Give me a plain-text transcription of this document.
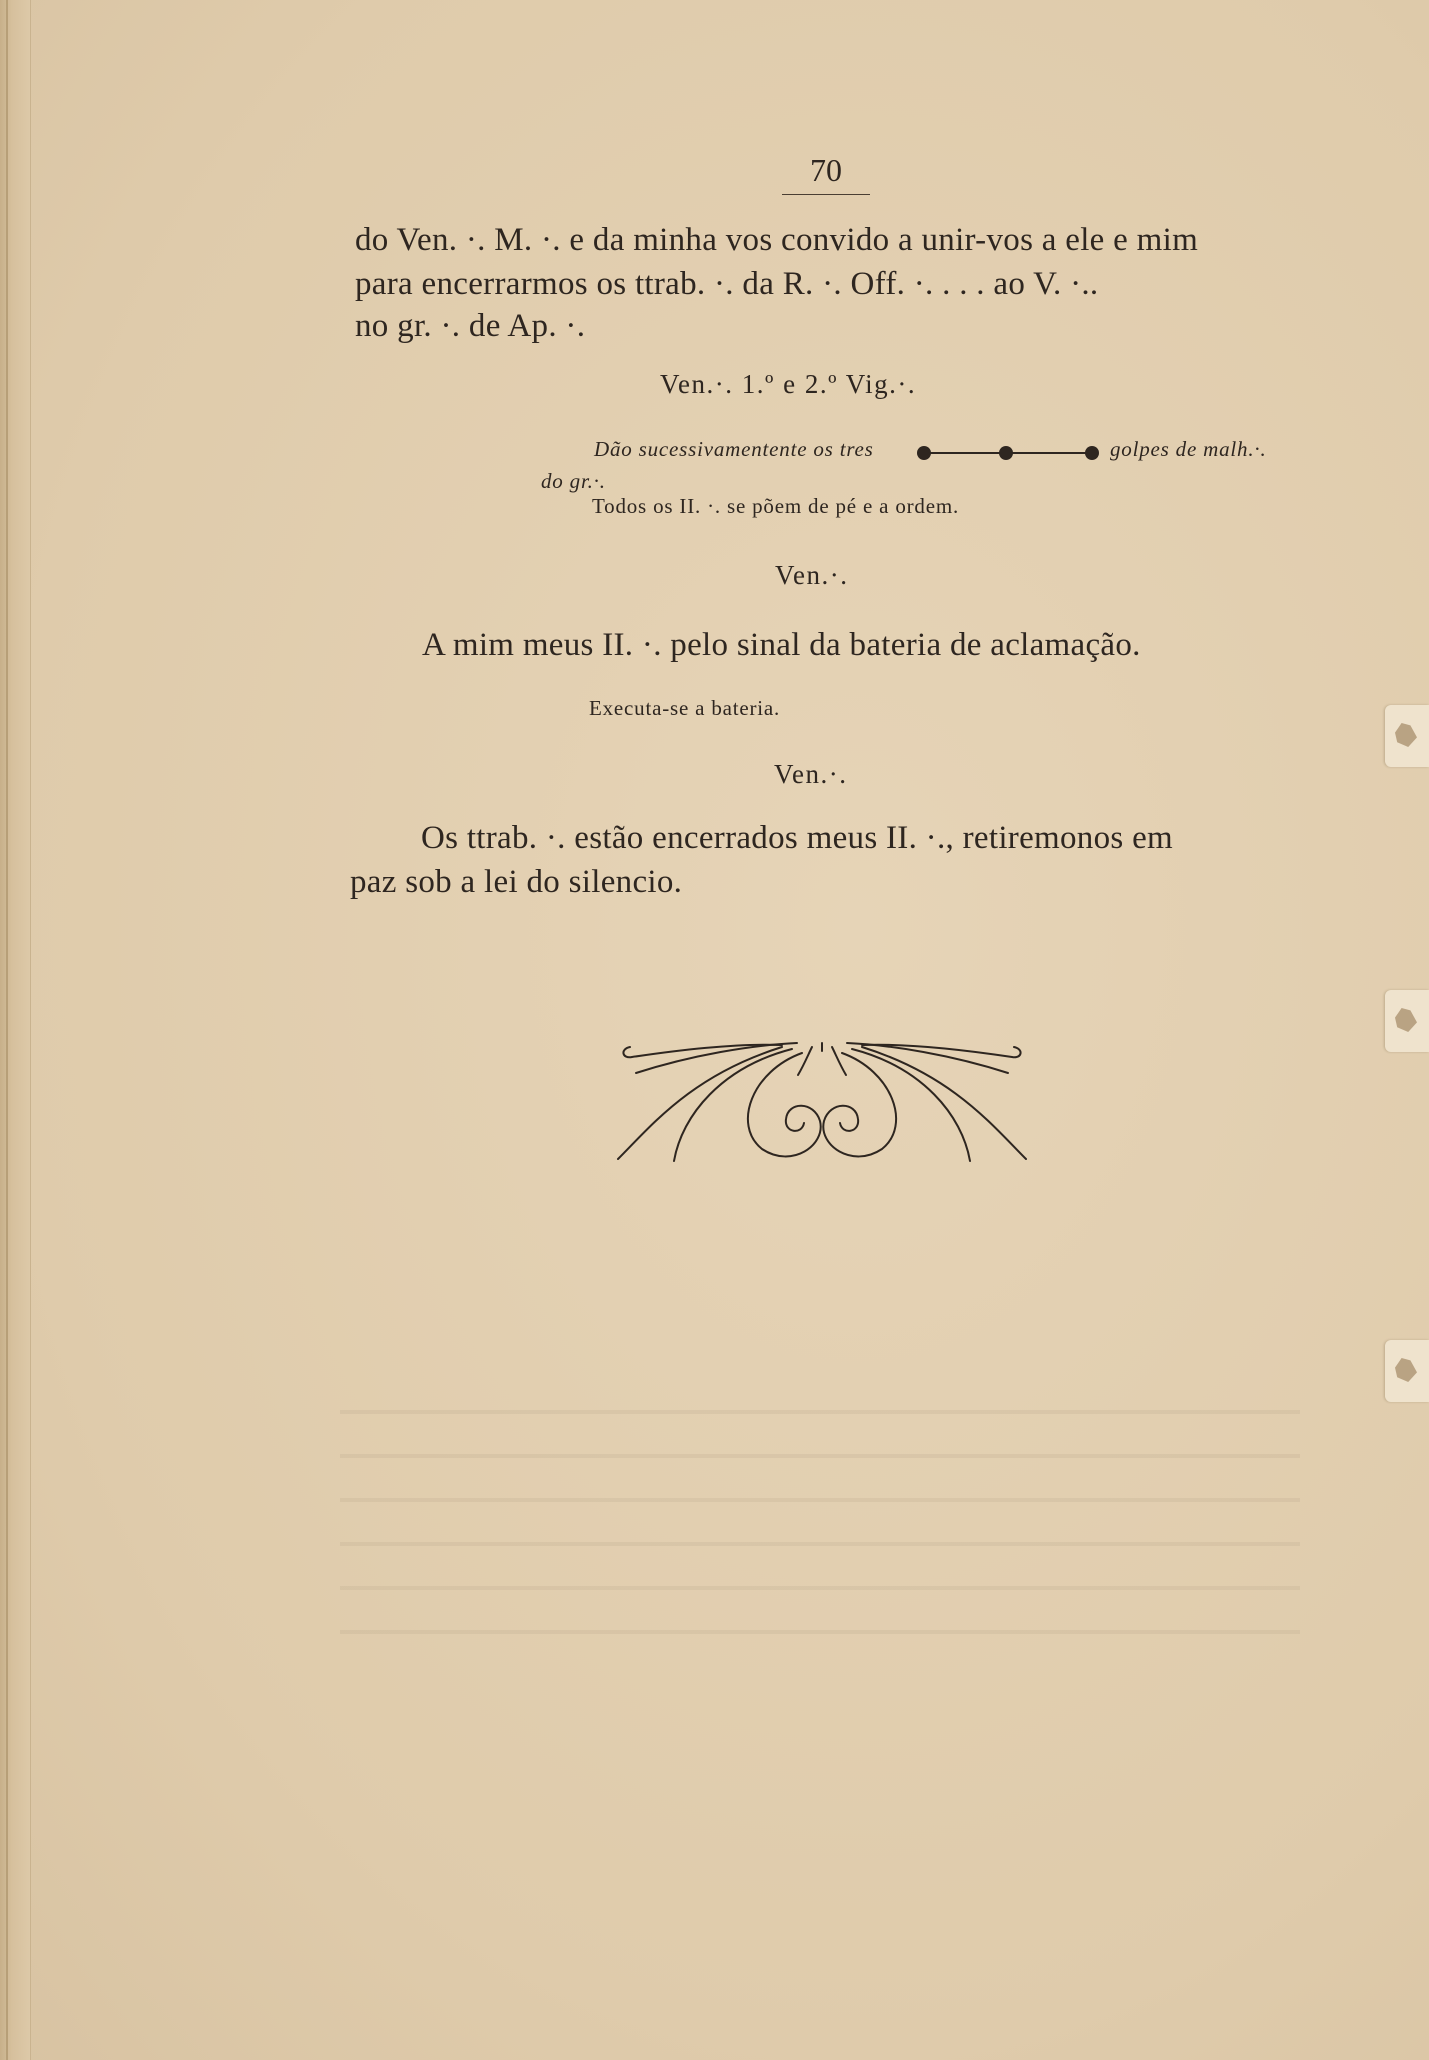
70
do Ven. ·. M. ·. e da minha vos convido a unir-vos a ele e mim
para encerrarmos os ttrab. ·. da R. ·. Off. ·. . . . ao V. ·..
no gr. ·. de Ap. ·.
Ven.·. 1.º e 2.º Vig.·.
Dão sucessivamentente os tres	golpes de malh.·.
do gr.·.
Todos os II. ·. se põem de pé e a ordem.
Ven.·.
A mim meus II. ·. pelo sinal da bateria de aclamação.
Executa-se a bateria.
Ven.·.
Os ttrab. ·. estão encerrados meus II. ·., retiremonos em
paz sob a lei do silencio.
